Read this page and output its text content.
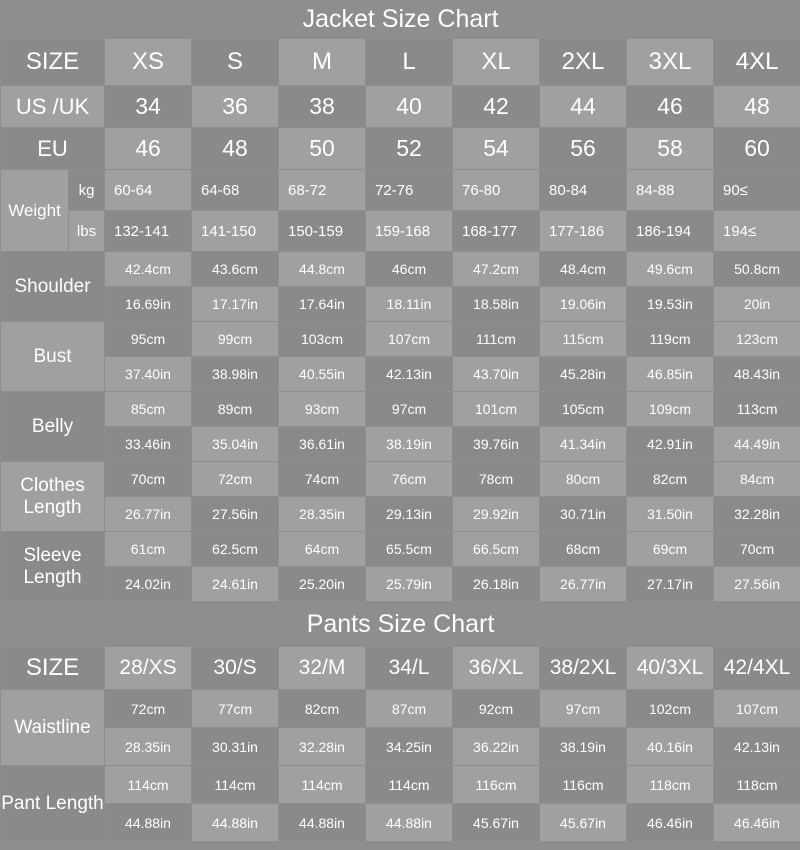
Jacket Size Chart									
SIZE		XS	S	M	L	XL	2XL	3XL	4XL
US /UK		34	36	38	40	42	44	46	48
EU		46	48	50	52	54	56	58	60
Weight	kg	60-64	64-68	68-72	72-76	76-80	80-84	84-88	90≤
	lbs	132-141	141-150	150-159	159-168	168-177	177-186	186-194	194≤
Shoulder		42.4cm	43.6cm	44.8cm	46cm	47.2cm	48.4cm	49.6cm	50.8cm
		16.69in	17.17in	17.64in	18.11in	18.58in	19.06in	19.53in	20in
Bust		95cm	99cm	103cm	107cm	111cm	115cm	119cm	123cm
		37.40in	38.98in	40.55in	42.13in	43.70in	45.28in	46.85in	48.43in
Belly		85cm	89cm	93cm	97cm	101cm	105cm	109cm	113cm
		33.46in	35.04in	36.61in	38.19in	39.76in	41.34in	42.91in	44.49in
Clothes Length		70cm	72cm	74cm	76cm	78cm	80cm	82cm	84cm
		26.77in	27.56in	28.35in	29.13in	29.92in	30.71in	31.50in	32.28in
Sleeve Length		61cm	62.5cm	64cm	65.5cm	66.5cm	68cm	69cm	70cm
		24.02in	24.61in	25.20in	25.79in	26.18in	26.77in	27.17in	27.56in
Pants Size Chart								
SIZE	28/XS	30/S	32/M	34/L	36/XL	38/2XL	40/3XL	42/4XL
Waistline	72cm	77cm	82cm	87cm	92cm	97cm	102cm	107cm
	28.35in	30.31in	32.28in	34.25in	36.22in	38.19in	40.16in	42.13in
Pant Length	114cm	114cm	114cm	114cm	116cm	116cm	118cm	118cm
	44.88in	44.88in	44.88in	44.88in	45.67in	45.67in	46.46in	46.46in
